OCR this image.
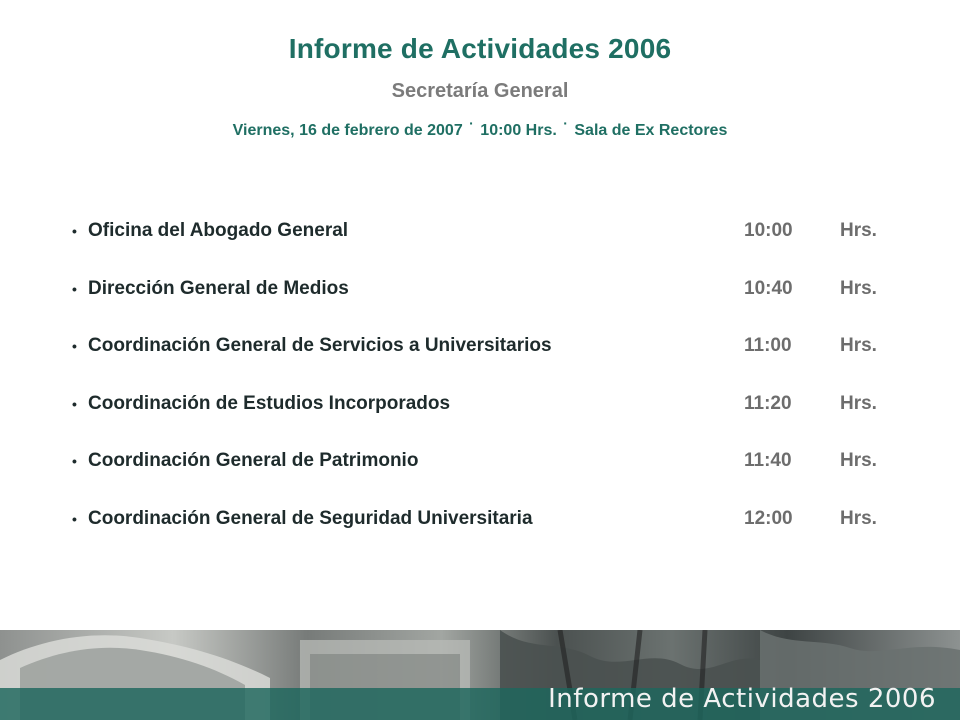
Informe de Actividades 2006
Secretaría General
Viernes, 16 de febrero de 2007 · 10:00 Hrs. · Sala de Ex Rectores
• Oficina del Abogado General	10:00 Hrs.
• Dirección General de Medios	10:40 Hrs.
• Coordinación General de Servicios a Universitarios	11:00	Hrs.
• Coordinación de Estudios Incorporados	11:20	Hrs.
• Coordinación General de Patrimonio	11:40	Hrs.
• Coordinación General de Seguridad Universitaria	12:00 Hrs.
Informe de Actividades 2006
